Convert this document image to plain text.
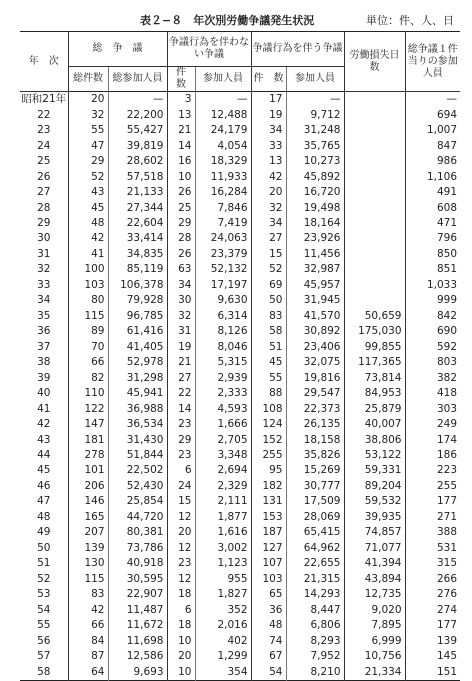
表２−８　年次別労働争議発生状況	単位：件、人、日
年　次	総　争　議		争議行為を伴わない争議		争議行為を伴う争議		労働損失日　数	総争議１件当りの参加人員
	総件数	総参加人員	件　数	参加人員	件　数	参加人員		
昭和21年	20	—	3	—	17	—		—
22	32	22,200	13	12,488	19	9,712		694
23	55	55,427	21	24,179	34	31,248		1,007
24	47	39,819	14	4,054	33	35,765		847
25	29	28,602	16	18,329	13	10,273		986
26	52	57,518	10	11,933	42	45,892		1,106
27	43	21,133	26	16,284	20	16,720		491
28	45	27,344	25	7,846	32	19,498		608
29	48	22,604	29	7,419	34	18,164		471
30	42	33,414	28	24,063	27	23,926		796
31	41	34,835	26	23,379	15	11,456		850
32	100	85,119	63	52,132	52	32,987		851
33	103	106,378	34	17,197	69	45,957		1,033
34	80	79,928	30	9,630	50	31,945		999
35	115	96,785	32	6,314	83	41,570	50,659	842
36	89	61,416	31	8,126	58	30,892	175,030	690
37	70	41,405	19	8,046	51	23,406	99,855	592
38	66	52,978	21	5,315	45	32,075	117,365	803
39	82	31,298	27	2,939	55	19,816	73,814	382
40	110	45,941	22	2,333	88	29,547	84,953	418
41	122	36,988	14	4,593	108	22,373	25,879	303
42	147	36,534	23	1,666	124	26,135	40,007	249
43	181	31,430	29	2,705	152	18,158	38,806	174
44	278	51,844	23	3,348	255	35,826	53,122	186
45	101	22,502	6	2,694	95	15,269	59,331	223
46	206	52,430	24	2,329	182	30,777	89,204	255
47	146	25,854	15	2,111	131	17,509	59,532	177
48	165	44,720	12	1,877	153	28,069	39,935	271
49	207	80,381	20	1,616	187	65,415	74,857	388
50	139	73,786	12	3,002	127	64,962	71,077	531
51	130	40,918	23	1,123	107	22,655	41,394	315
52	115	30,595	12	955	103	21,315	43,894	266
53	83	22,907	18	1,827	65	14,293	12,735	276
54	42	11,487	6	352	36	8,447	9,020	274
55	66	11,672	18	2,016	48	6,806	7,895	177
56	84	11,698	10	402	74	8,293	6,999	139
57	87	12,586	20	1,299	67	7,952	10,756	145
58	64	9,693	10	354	54	8,210	21,334	151
